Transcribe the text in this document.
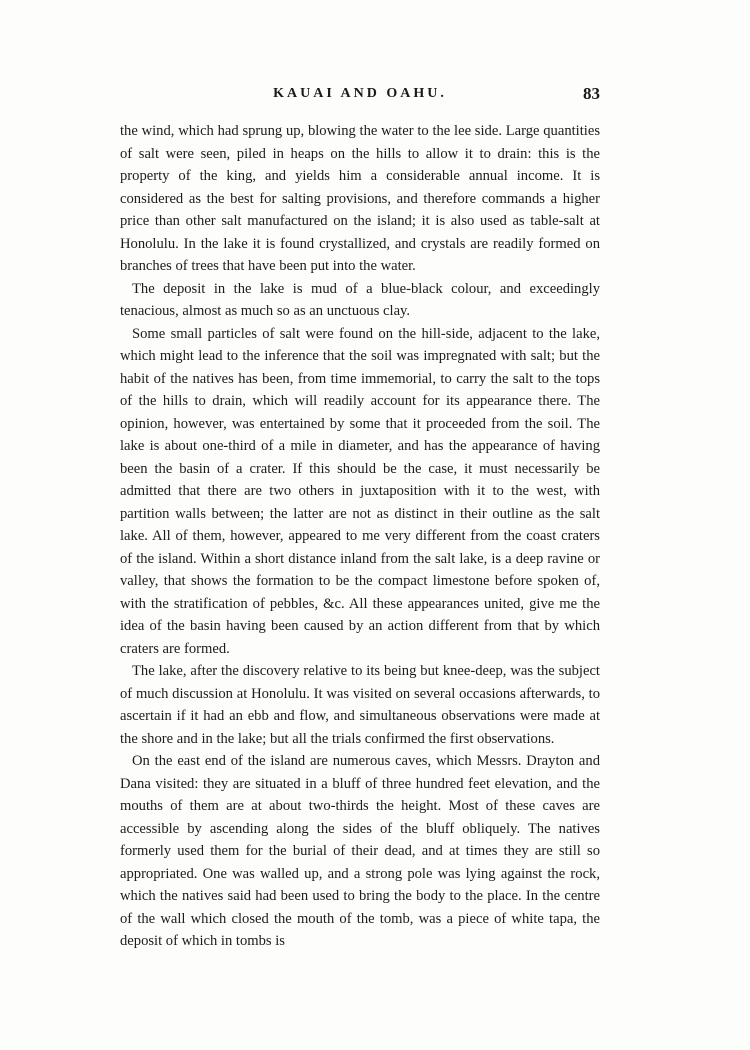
KAUAI AND OAHU.	83

the wind, which had sprung up, blowing the water to the lee side. Large quantities of salt were seen, piled in heaps on the hills to allow it to drain: this is the property of the king, and yields him a considerable annual income. It is considered as the best for salting provisions, and therefore commands a higher price than other salt manufactured on the island; it is also used as table-salt at Honolulu. In the lake it is found crystallized, and crystals are readily formed on branches of trees that have been put into the water.

The deposit in the lake is mud of a blue-black colour, and exceedingly tenacious, almost as much so as an unctuous clay.

Some small particles of salt were found on the hill-side, adjacent to the lake, which might lead to the inference that the soil was impregnated with salt; but the habit of the natives has been, from time immemorial, to carry the salt to the tops of the hills to drain, which will readily account for its appearance there. The opinion, however, was entertained by some that it proceeded from the soil. The lake is about one-third of a mile in diameter, and has the appearance of having been the basin of a crater. If this should be the case, it must necessarily be admitted that there are two others in juxtaposition with it to the west, with partition walls between; the latter are not as distinct in their outline as the salt lake. All of them, however, appeared to me very different from the coast craters of the island. Within a short distance inland from the salt lake, is a deep ravine or valley, that shows the formation to be the compact limestone before spoken of, with the stratification of pebbles, &c. All these appearances united, give me the idea of the basin having been caused by an action different from that by which craters are formed.

The lake, after the discovery relative to its being but knee-deep, was the subject of much discussion at Honolulu. It was visited on several occasions afterwards, to ascertain if it had an ebb and flow, and simultaneous observations were made at the shore and in the lake; but all the trials confirmed the first observations.

On the east end of the island are numerous caves, which Messrs. Drayton and Dana visited: they are situated in a bluff of three hundred feet elevation, and the mouths of them are at about two-thirds the height. Most of these caves are accessible by ascending along the sides of the bluff obliquely. The natives formerly used them for the burial of their dead, and at times they are still so appropriated. One was walled up, and a strong pole was lying against the rock, which the natives said had been used to bring the body to the place. In the centre of the wall which closed the mouth of the tomb, was a piece of white tapa, the deposit of which in tombs is
